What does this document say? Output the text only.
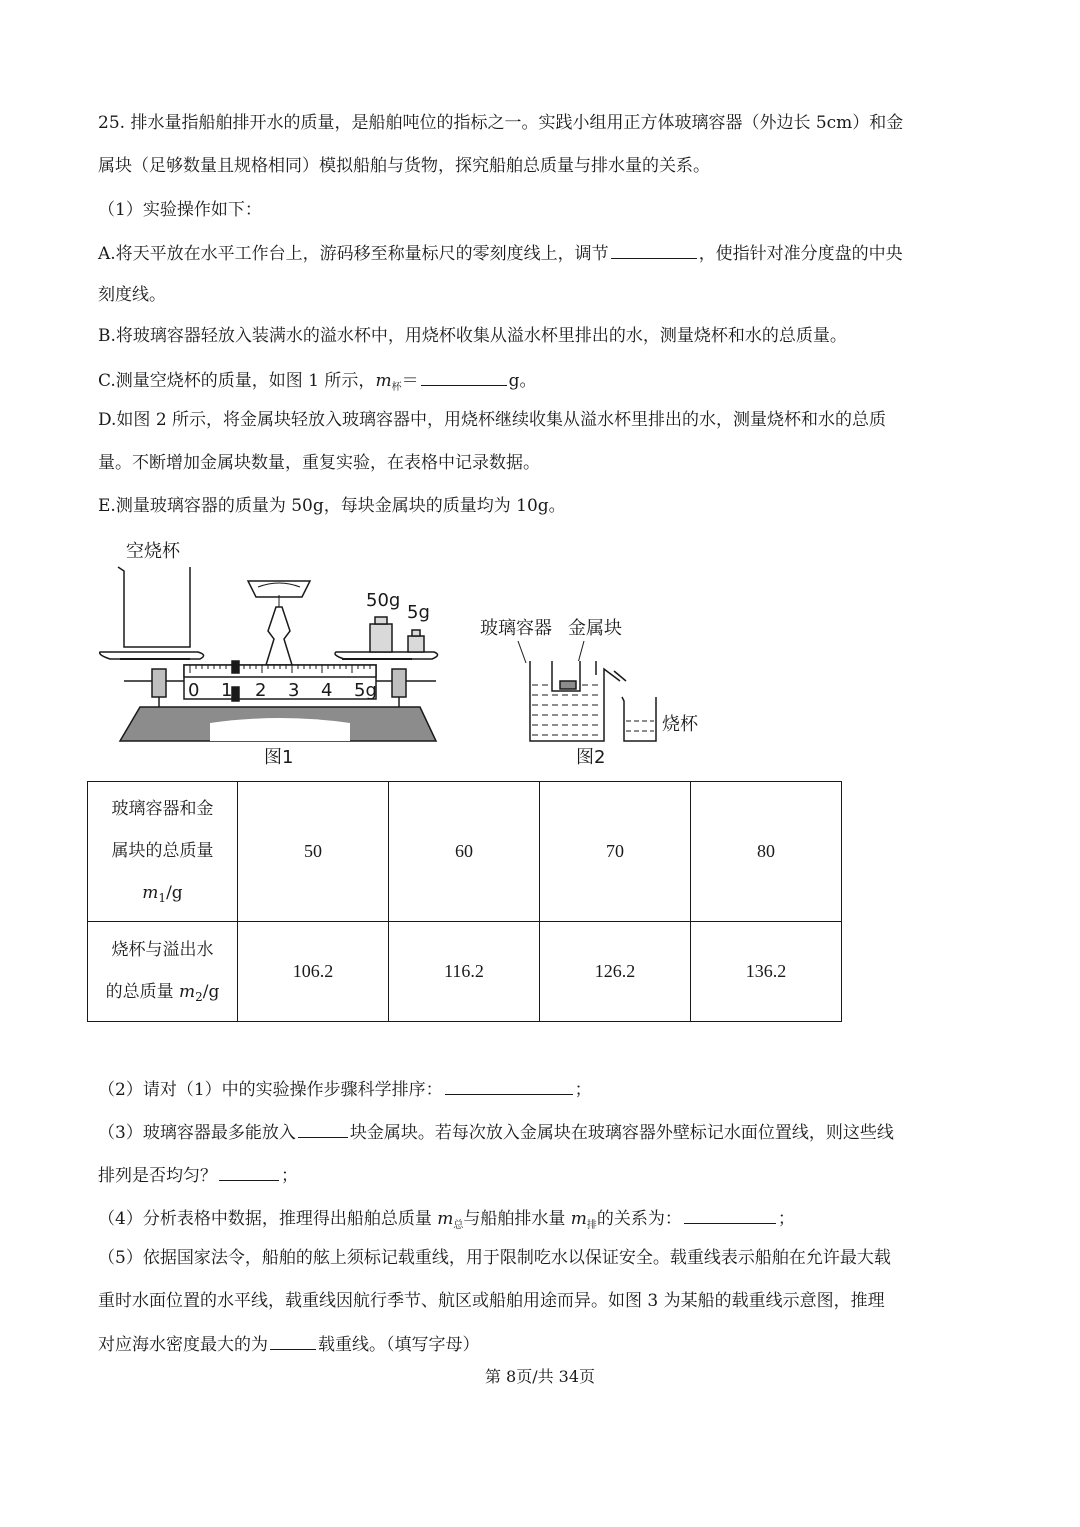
25. 排水量指船舶排开水的质量，是船舶吨位的指标之一。实践小组用正方体玻璃容器（外边长 5cm）和金
属块（足够数量且规格相同）模拟船舶与货物，探究船舶总质量与排水量的关系。
（1）实验操作如下：
A.将天平放在水平工作台上，游码移至称量标尺的零刻度线上，调节	，使指针对准分度盘的中央
刻度线。
B.将玻璃容器轻放入装满水的溢水杯中，用烧杯收集从溢水杯里排出的水，测量烧杯和水的总质量。
C.测量空烧杯的质量，如图 1 所示，$m_杯=$	g。
D.如图 2 所示，将金属块轻放入玻璃容器中，用烧杯继续收集从溢水杯里排出的水，测量烧杯和水的总质
量。不断增加金属块数量，重复实验，在表格中记录数据。
E.测量玻璃容器的质量为 50g，每块金属块的质量均为 10g。
空烧杯
50g
5g
0 1 2 3 4 5g
图1
玻璃容器 金属块
烧杯
图2
玻璃容器和金
属块的总质量
$m_1/g$	50	60	70	80

烧杯与溢出水
的总质量 $m_2/g$	106.2	116.2	126.2	136.2
（2）请对（1）中的实验操作步骤科学排序：	；
（3）玻璃容器最多能放入	块金属块。若每次放入金属块在玻璃容器外壁标记水面位置线，则这些线
排列是否均匀？	；
（4）分析表格中数据，推理得出船舶总质量 $m_总$与船舶排水量 $m_排$的关系为：	；
（5）依据国家法令，船舶的舷上须标记载重线，用于限制吃水以保证安全。载重线表示船舶在允许最大载
重时水面位置的水平线，载重线因航行季节、航区或船舶用途而异。如图 3 为某船的载重线示意图，推理
对应海水密度最大的为	载重线。（填写字母）
第 8页/共 34页
